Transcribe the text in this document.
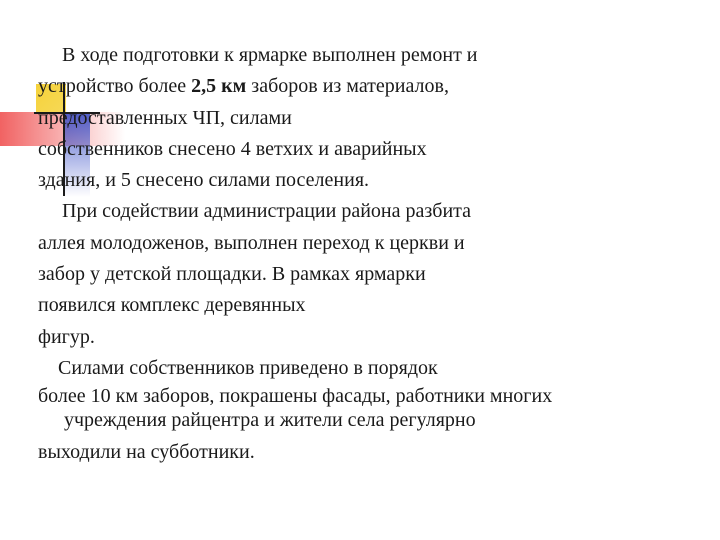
В ходе подготовки к ярмарке выполнен ремонт и
устройство более 2,5 км заборов из материалов,
предоставленных ЧП, силами
собственников снесено 4 ветхих и аварийных
здания, и 5 снесено силами поселения.
При содействии администрации района разбита
аллея молодоженов, выполнен переход к церкви и
забор у детской площадки. В рамках ярмарки
появился комплекс деревянных
фигур.
Силами собственников приведено в порядок
более 10 км заборов, покрашены фасады, работники многих
учреждения райцентра и жители села регулярно
выходили на субботники.
